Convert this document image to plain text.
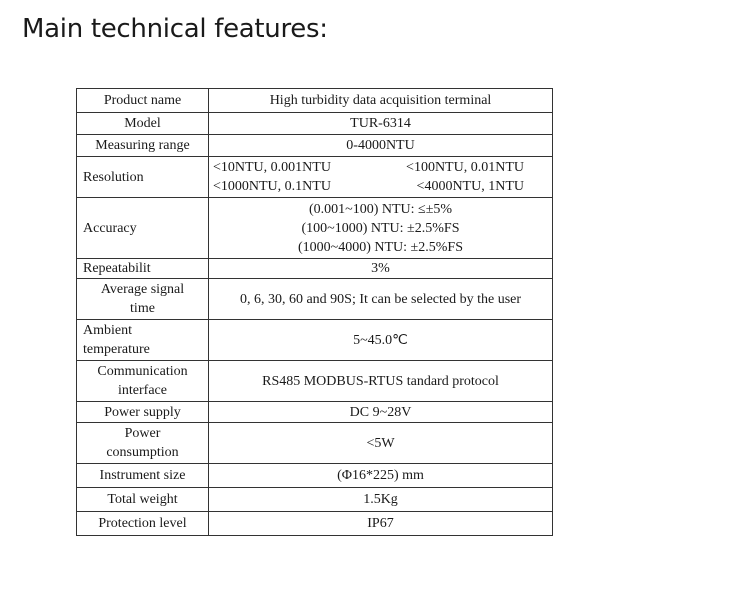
Main technical features:
Product name	High turbidity data acquisition terminal
Model	TUR-6314
Measuring range	0-4000NTU
Resolution	<10NTU, 0.001NTU <100NTU, 0.01NTU
<1000NTU, 0.1NTU <4000NTU, 1NTU

Accuracy	(0.001~100) NTU: ≤±5%
(100~1000) NTU: ±2.5%FS
(1000~4000) NTU: ±2.5%FS

Repeatabilit	3%

Average signal
time	0, 6, 30, 60 and 90S; It can be selected by the user

Ambient
temperature	5~45.0℃

Communication
interface	RS485 MODBUS-RTUS tandard protocol
Power supply	DC 9~28V

Power
consumption	<5W
Instrument size	(Φ16*225) mm
Total weight	1.5Kg
Protection level	IP67
